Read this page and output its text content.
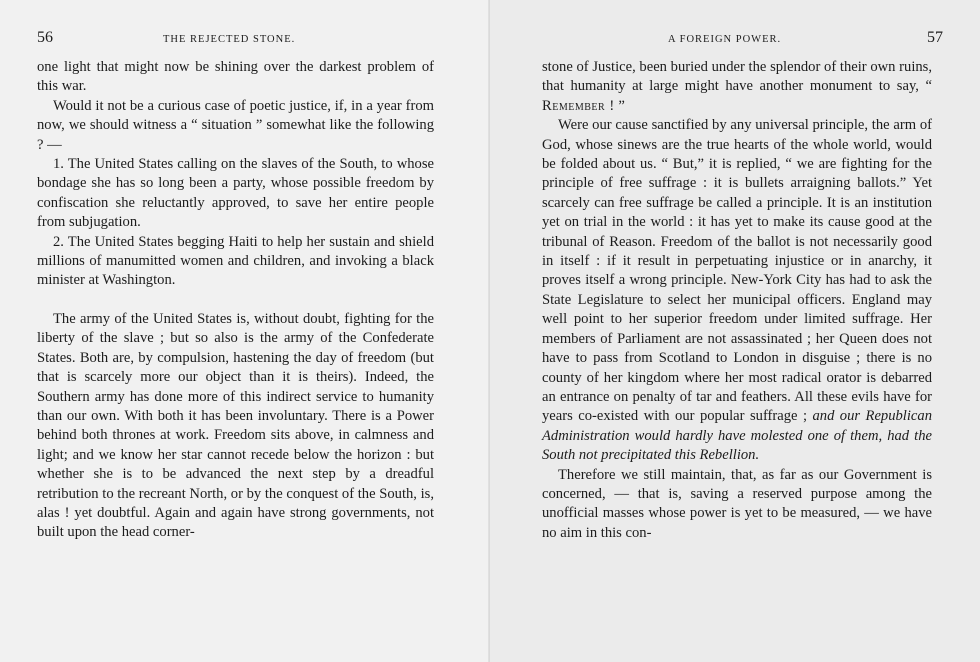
56	THE REJECTED STONE.

one light that might now be shining over the darkest problem of this war.

Would it not be a curious case of poetic justice, if, in a year from now, we should witness a “ situation ” somewhat like the following ? —

1. The United States calling on the slaves of the South, to whose bondage she has so long been a party, whose possible freedom by confiscation she reluctantly approved, to save her entire people from subjugation.

2. The United States begging Haiti to help her sustain and shield millions of manumitted women and children, and invoking a black minister at Washington.

The army of the United States is, without doubt, fighting for the liberty of the slave ; but so also is the army of the Confederate States. Both are, by compulsion, hastening the day of freedom (but that is scarcely more our object than it is theirs). Indeed, the Southern army has done more of this indirect service to humanity than our own. With both it has been involuntary. There is a Power behind both thrones at work. Freedom sits above, in calmness and light; and we know her star cannot recede below the horizon : but whether she is to be advanced the next step by a dreadful retribution to the recreant North, or by the conquest of the South, is, alas ! yet doubtful. Again and again have strong governments, not built upon the head corner-

A FOREIGN POWER.	57

stone of Justice, been buried under the splendor of their own ruins, that humanity at large might have another monument to say, “ Remember ! ”

Were our cause sanctified by any universal principle, the arm of God, whose sinews are the true hearts of the whole world, would be folded about us. “ But,” it is replied, “ we are fighting for the principle of free suffrage : it is bullets arraigning ballots.” Yet scarcely can free suffrage be called a principle. It is an institution yet on trial in the world : it has yet to make its cause good at the tribunal of Reason. Freedom of the ballot is not necessarily good in itself : if it result in perpetuating injustice or in anarchy, it proves itself a wrong principle. New-York City has had to ask the State Legislature to select her municipal officers. England may well point to her superior freedom under limited suffrage. Her members of Parliament are not assassinated ; her Queen does not have to pass from Scotland to London in disguise ; there is no county of her kingdom where her most radical orator is debarred an entrance on penalty of tar and feathers. All these evils have for years co-existed with our popular suffrage ; and our Republican Administration would hardly have molested one of them, had the South not precipitated this Rebellion.

Therefore we still maintain, that, as far as our Government is concerned, — that is, saving a reserved purpose among the unofficial masses whose power is yet to be measured, — we have no aim in this con-
